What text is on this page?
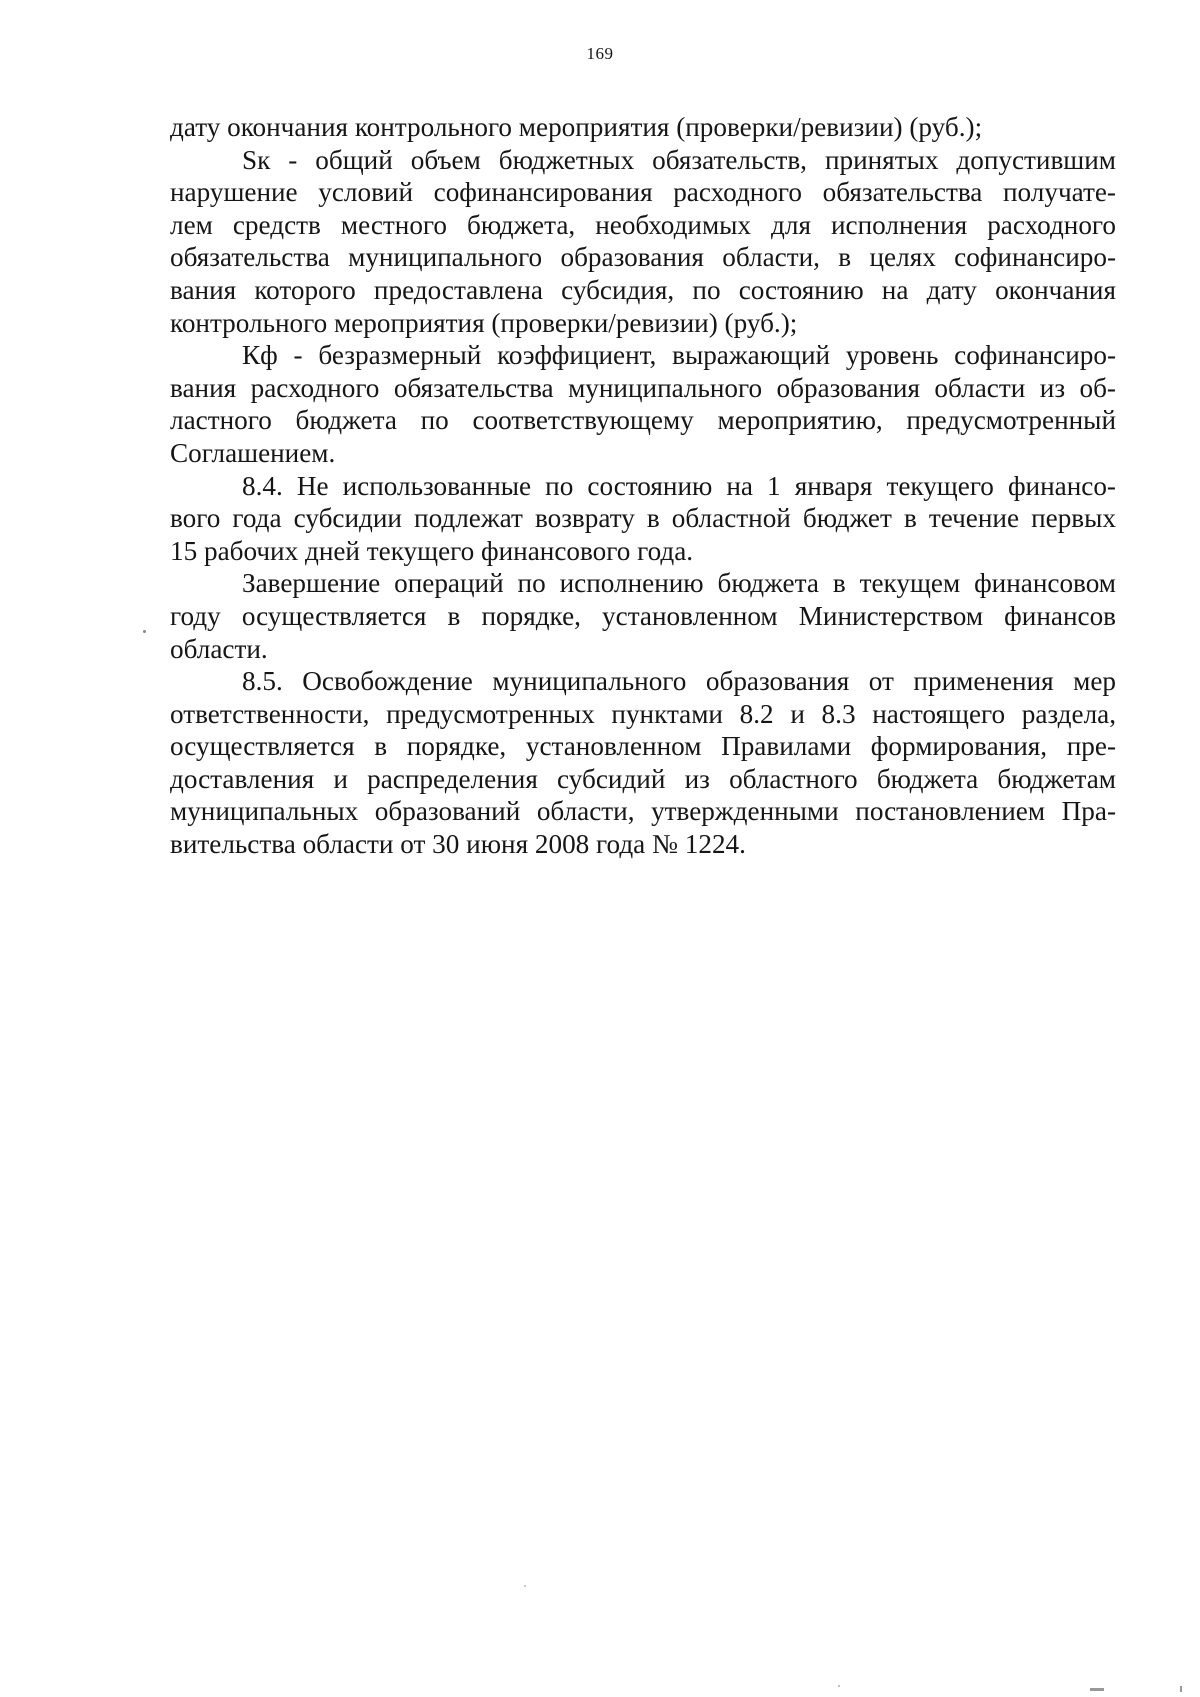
169
дату окончания контрольного мероприятия (проверки/ревизии) (руб.);
Sк - общий объем бюджетных обязательств, принятых допустившим
нарушение условий софинансирования расходного обязательства получате-
лем средств местного бюджета, необходимых для исполнения расходного
обязательства муниципального образования области, в целях софинансиро-
вания которого предоставлена субсидия, по состоянию на дату окончания
контрольного мероприятия (проверки/ревизии) (руб.);
Кф - безразмерный коэффициент, выражающий уровень софинансиро-
вания расходного обязательства муниципального образования области из об-
ластного бюджета по соответствующему мероприятию, предусмотренный
Соглашением.
8.4. Не использованные по состоянию на 1 января текущего финансо-
вого года субсидии подлежат возврату в областной бюджет в течение первых
15 рабочих дней текущего финансового года.
Завершение операций по исполнению бюджета в текущем финансовом
году осуществляется в порядке, установленном Министерством финансов
области.
8.5. Освобождение муниципального образования от применения мер
ответственности, предусмотренных пунктами 8.2 и 8.3 настоящего раздела,
осуществляется в порядке, установленном Правилами формирования, пре-
доставления и распределения субсидий из областного бюджета бюджетам
муниципальных образований области, утвержденными постановлением Пра-
вительства области от 30 июня 2008 года № 1224.
